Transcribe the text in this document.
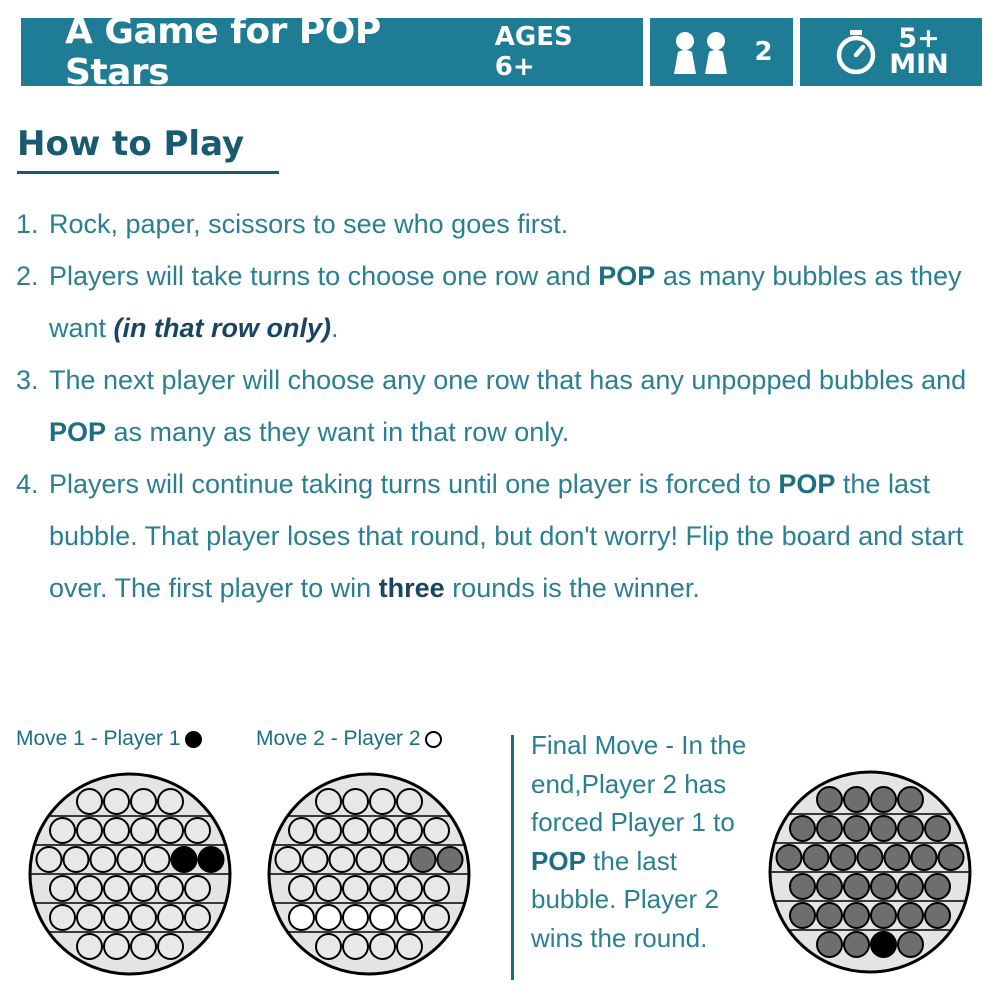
A Game for POP Stars
AGES 6+	2	5+
MIN
How to Play
1. Rock, paper, scissors to see who goes first.
2. Players will take turns to choose one row and POP as many bubbles as they want (in that row only).
3. The next player will choose any one row that has any unpopped bubbles and POP as many as they want in that row only.
4. Players will continue taking turns until one player is forced to POP the last bubble. That player loses that round, but don't worry! Flip the board and start over. The first player to win three rounds is the winner.
Move 1 - Player 1	Move 2 - Player 2	Final Move - In the end,Player 2 has forced Player 1 to POP the last bubble. Player 2 wins the round.
